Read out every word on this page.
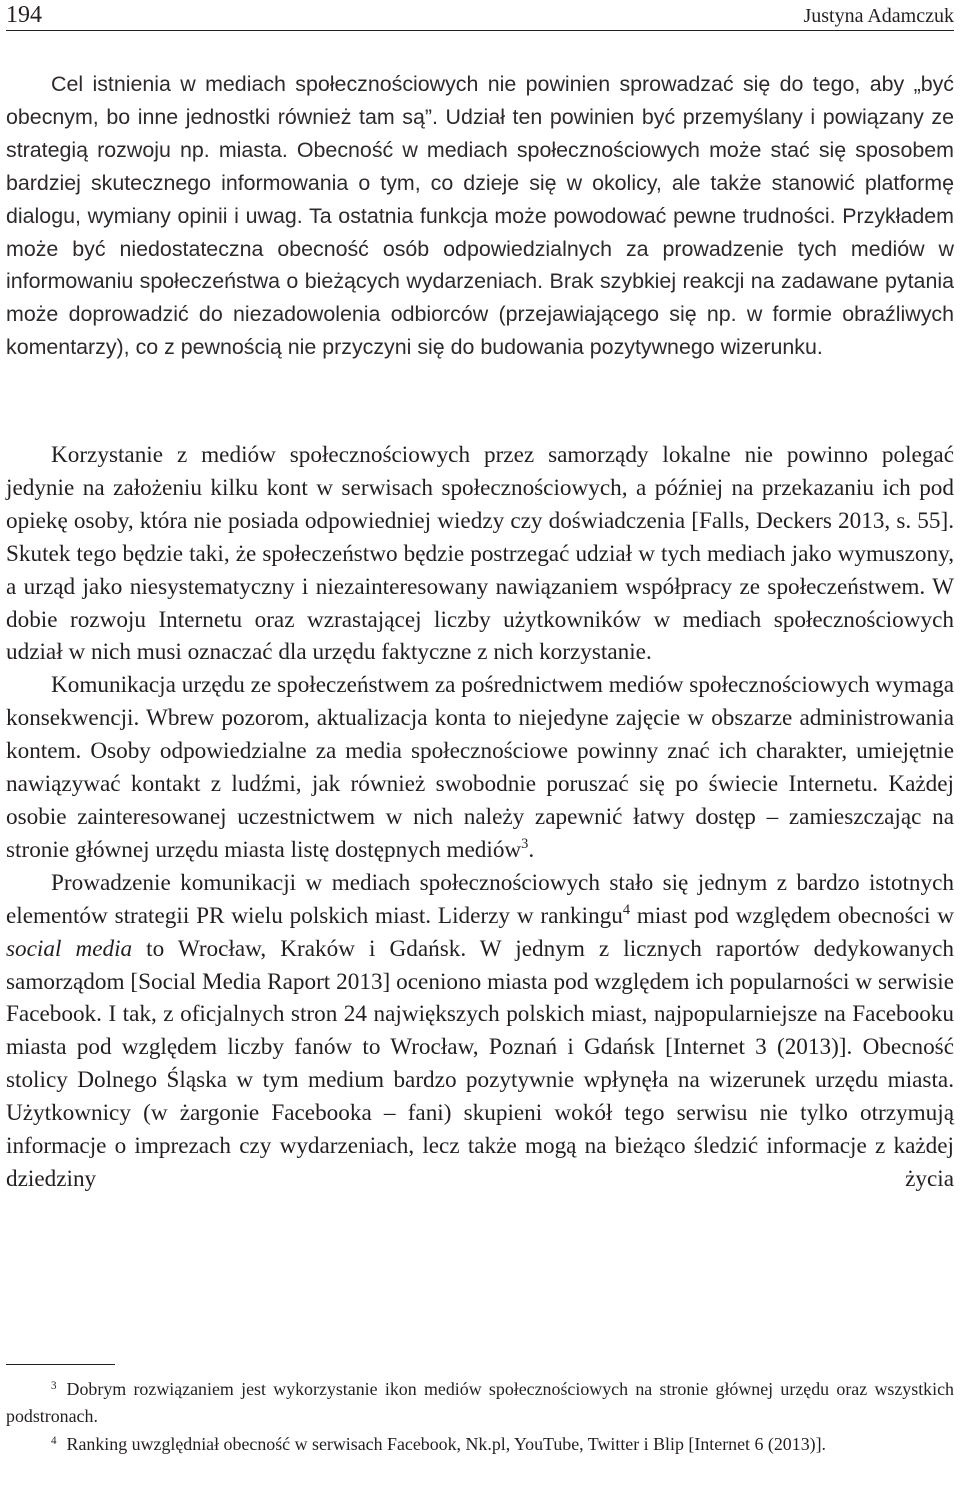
194	Justyna Adamczuk

Cel istnienia w mediach społecznościowych nie powinien sprowadzać się do tego, aby „być obecnym, bo inne jednostki również tam są”. Udział ten powinien być przemyślany i powiązany ze strategią rozwoju np. miasta. Obecność w mediach społecznościowych może stać się sposobem bardziej skutecznego informowania o tym, co dzieje się w okolicy, ale także stanowić platformę dialogu, wymiany opinii i uwag. Ta ostatnia funkcja może powodować pewne trudności. Przykładem może być niedostateczna obecność osób odpowiedzialnych za prowadzenie tych mediów w informowaniu społeczeństwa o bieżących wydarzeniach. Brak szybkiej reakcji na zadawane pytania może doprowadzić do niezadowolenia odbiorców (przejawiającego się np. w formie obraźliwych komentarzy), co z pewnością nie przyczyni się do budowania pozytywnego wizerunku.

Korzystanie z mediów społecznościowych przez samorządy lokalne nie powinno polegać jedynie na założeniu kilku kont w serwisach społecznościowych, a później na przekazaniu ich pod opiekę osoby, która nie posiada odpowiedniej wiedzy czy doświadczenia [Falls, Deckers 2013, s. 55]. Skutek tego będzie taki, że społeczeństwo będzie postrzegać udział w tych mediach jako wymuszony, a urząd jako niesystematyczny i niezainteresowany nawiązaniem współpracy ze społeczeństwem. W dobie rozwoju Internetu oraz wzrastającej liczby użytkowników w mediach społecznościowych udział w nich musi oznaczać dla urzędu faktyczne z nich korzystanie.

Komunikacja urzędu ze społeczeństwem za pośrednictwem mediów społecznościowych wymaga konsekwencji. Wbrew pozorom, aktualizacja konta to niejedyne zajęcie w obszarze administrowania kontem. Osoby odpowiedzialne za media społecznościowe powinny znać ich charakter, umiejętnie nawiązywać kontakt z ludźmi, jak również swobodnie poruszać się po świecie Internetu. Każdej osobie zainteresowanej uczestnictwem w nich należy zapewnić łatwy dostęp – zamieszczając na stronie głównej urzędu miasta listę dostępnych mediów$^3$.

Prowadzenie komunikacji w mediach społecznościowych stało się jednym z bardzo istotnych elementów strategii PR wielu polskich miast. Liderzy w rankingu$^4$ miast pod względem obecności w social media to Wrocław, Kraków i Gdańsk. W jednym z licznych raportów dedykowanych samorządom [Social Media Raport 2013] oceniono miasta pod względem ich popularności w serwisie Facebook. I tak, z oficjalnych stron 24 największych polskich miast, najpopularniejsze na Facebooku miasta pod względem liczby fanów to Wrocław, Poznań i Gdańsk [Internet 3 (2013)]. Obecność stolicy Dolnego Śląska w tym medium bardzo pozytywnie wpłynęła na wizerunek urzędu miasta. Użytkownicy (w żargonie Facebooka – fani) skupieni wokół tego serwisu nie tylko otrzymują informacje o imprezach czy wydarzeniach, lecz także mogą na bieżąco śledzić informacje z każdej dziedziny życia

$^3$ Dobrym rozwiązaniem jest wykorzystanie ikon mediów społecznościowych na stronie głównej urzędu oraz wszystkich podstronach.

$^4$ Ranking uwzględniał obecność w serwisach Facebook, Nk.pl, YouTube, Twitter i Blip [Internet 6 (2013)].
